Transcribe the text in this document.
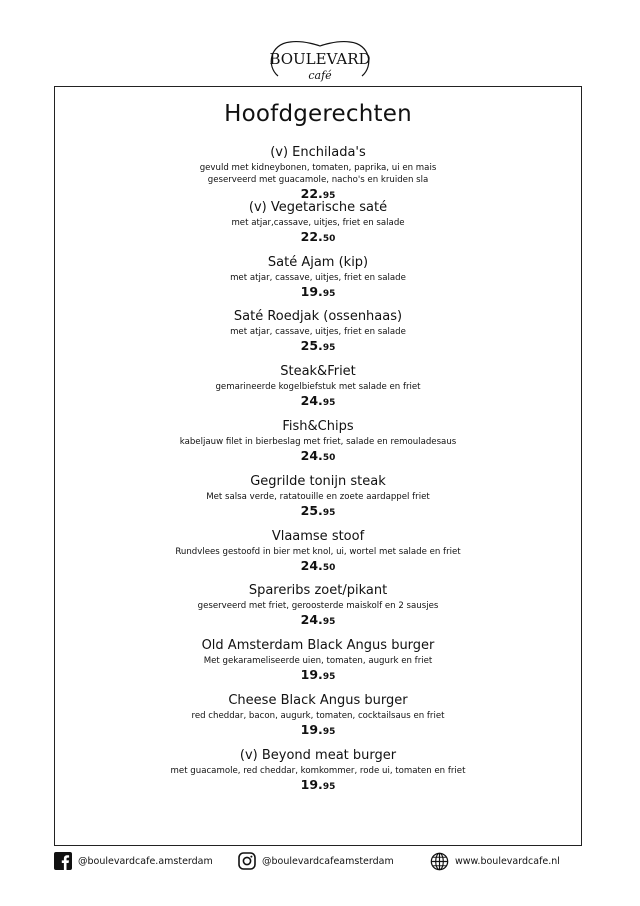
BOULEVARD
café
Hoofdgerechten
(v) Enchilada's
gevuld met kidneybonen, tomaten, paprika, ui en mais
geserveerd met guacamole, nacho's en kruiden sla
22.95
(v) Vegetarische saté
met atjar,cassave, uitjes, friet en salade
22.50
Saté Ajam (kip)
met atjar, cassave, uitjes, friet en salade
19.95
Saté Roedjak (ossenhaas)
met atjar, cassave, uitjes, friet en salade
25.95
Steak&Friet
gemarineerde kogelbiefstuk met salade en friet
24.95
Fish&Chips
kabeljauw filet in bierbeslag met friet, salade en remouladesaus
24.50
Gegrilde tonijn steak
Met salsa verde, ratatouille en zoete aardappel friet
25.95
Vlaamse stoof
Rundvlees gestoofd in bier met knol, ui, wortel met salade en friet
24.50
Spareribs zoet/pikant
geserveerd met friet, geroosterde maiskolf en 2 sausjes
24.95
Old Amsterdam Black Angus burger
Met gekarameliseerde uien, tomaten, augurk en friet
19.95
Cheese Black Angus burger
red cheddar, bacon, augurk, tomaten, cocktailsaus en friet
19.95
(v) Beyond meat burger
met guacamole, red cheddar, komkommer, rode ui, tomaten en friet
19.95
@boulevardcafe.amsterdam	@boulevardcafeamsterdam	www.boulevardcafe.nl
